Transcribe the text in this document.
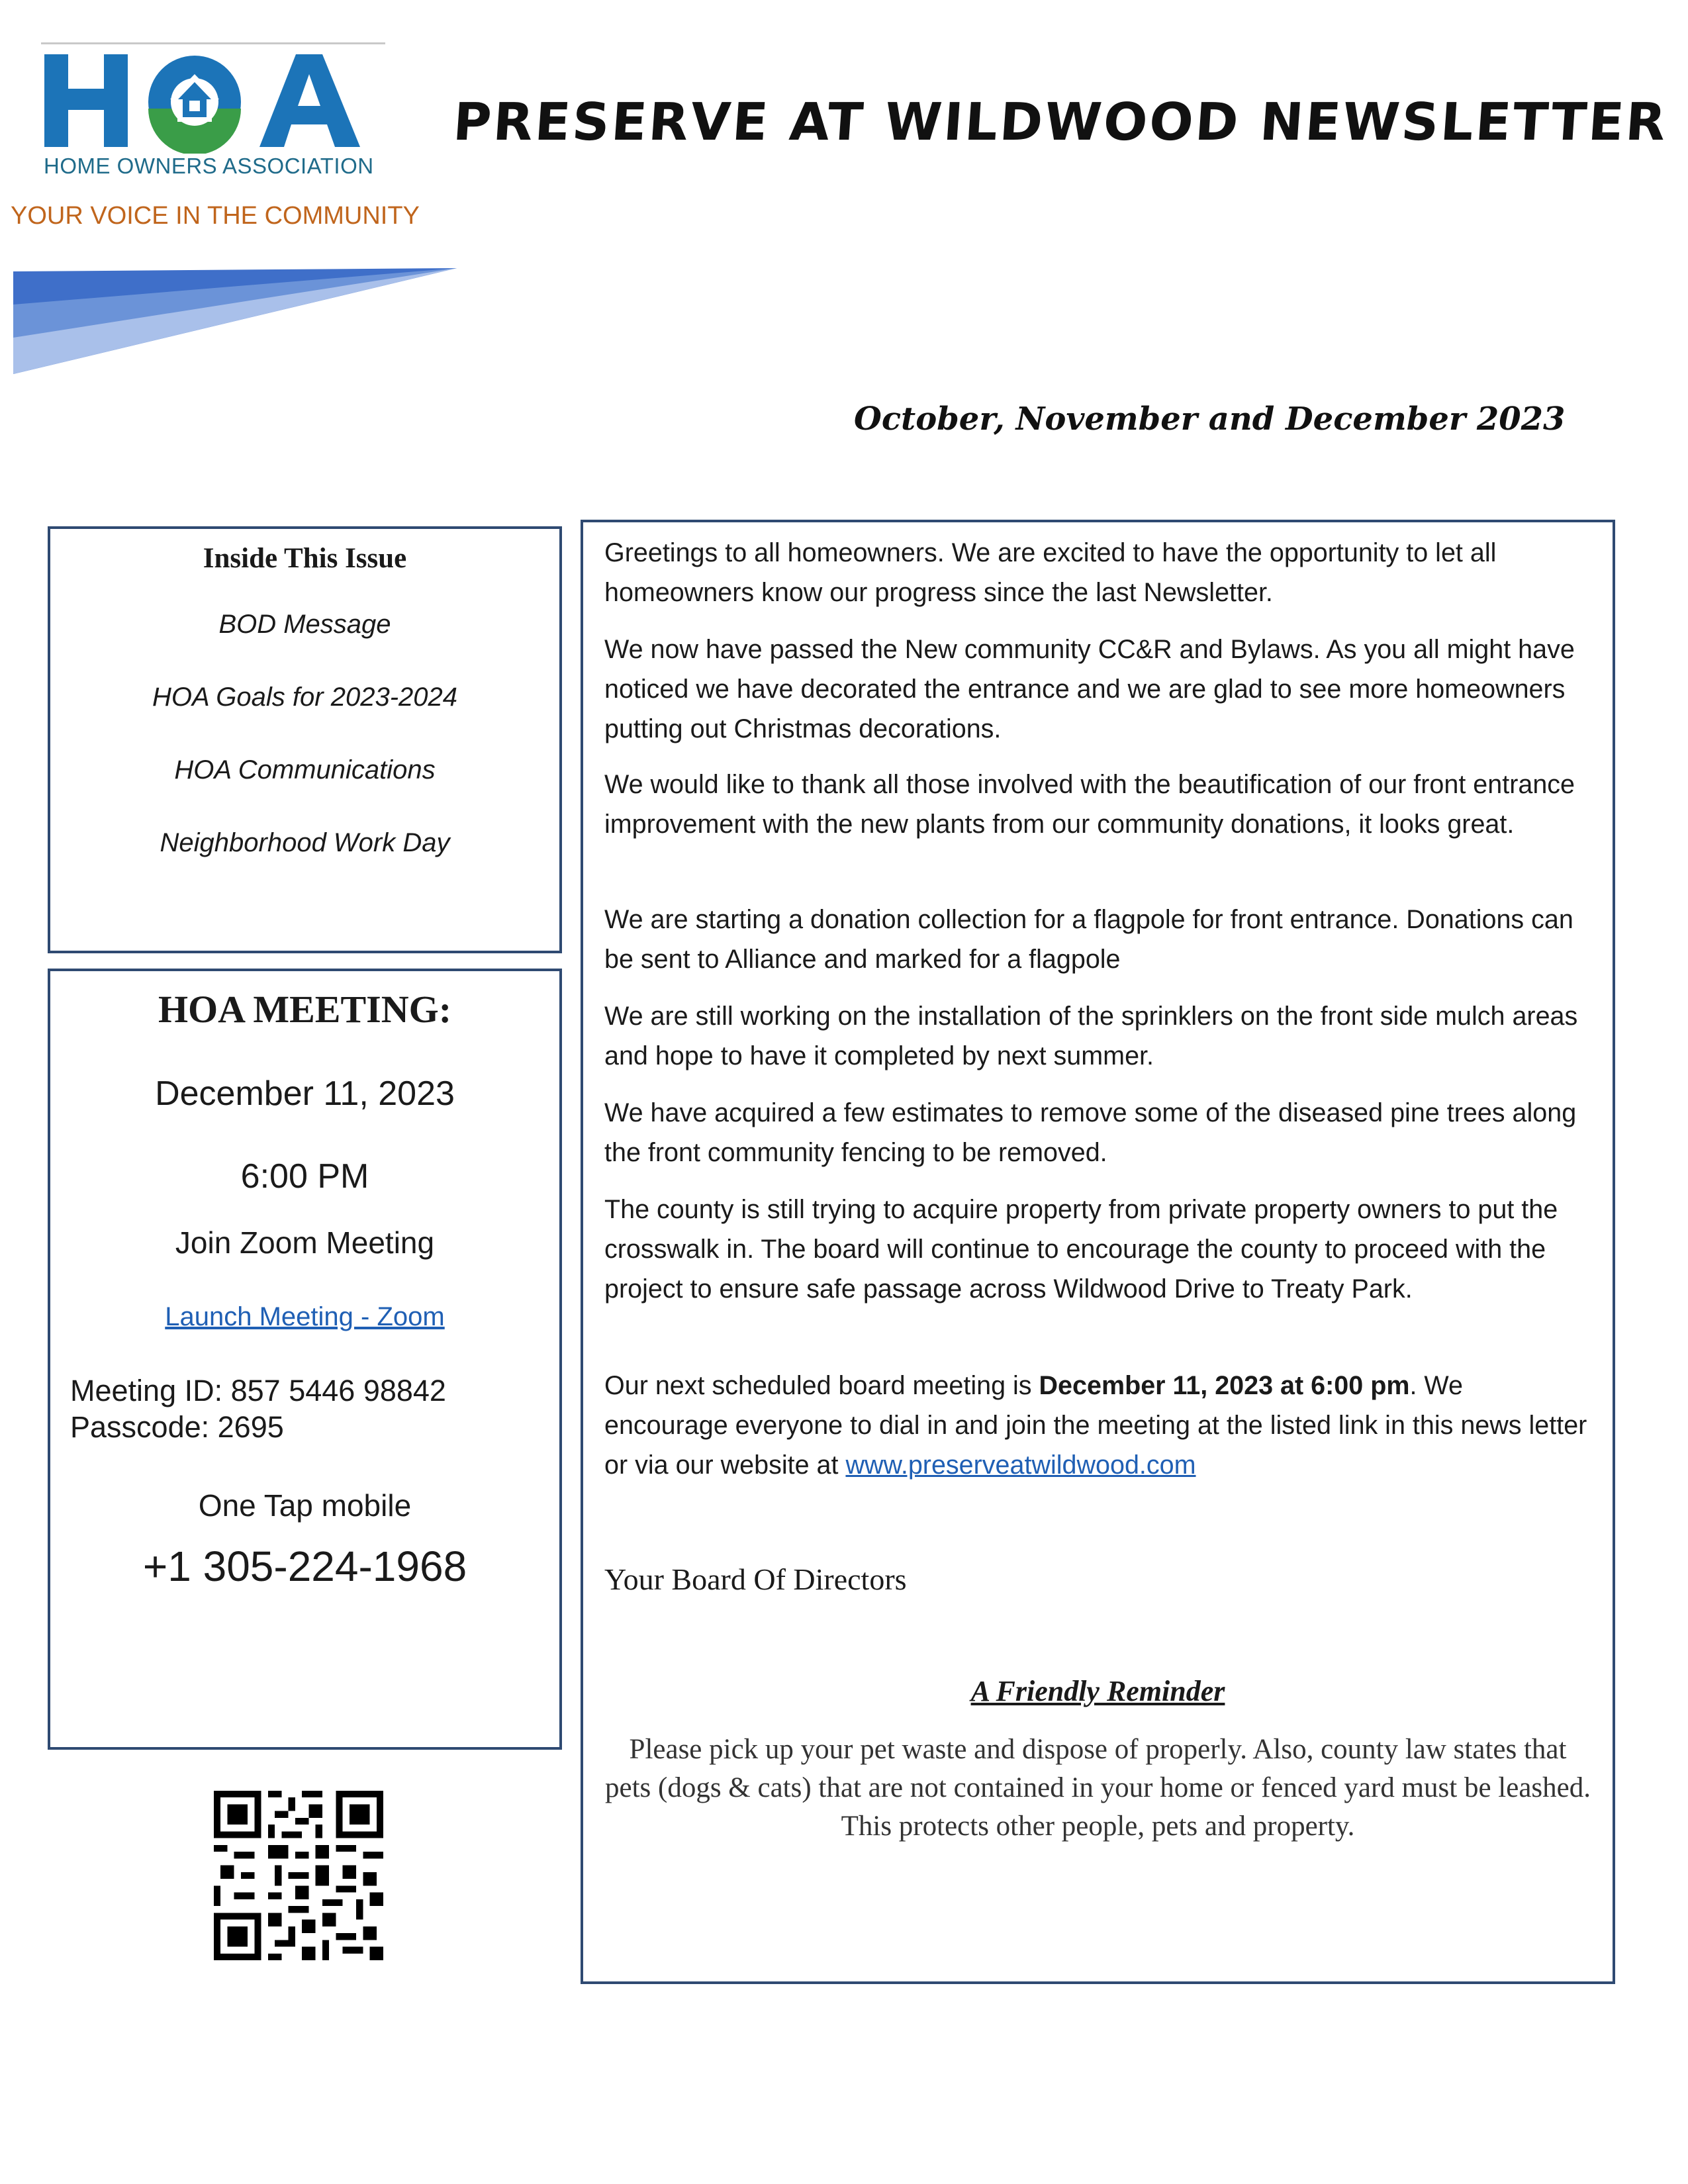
HOME OWNERS ASSOCIATION
YOUR VOICE IN THE COMMUNITY
PRESERVE AT WILDWOOD NEWSLETTER
October, November and December 2023
Inside This Issue
BOD Message
HOA Goals for 2023-2024
HOA Communications
Neighborhood Work Day
HOA MEETING:
December 11, 2023
6:00 PM
Join Zoom Meeting
Launch Meeting - Zoom
Meeting ID: 857 5446 98842
Passcode: 2695
One Tap mobile
+1 305-224-1968
Greetings to all homeowners. We are excited to have the opportunity to let all homeowners know our progress since the last Newsletter.
We now have passed the New community CC&R and Bylaws. As you all might have noticed we have decorated the entrance and we are glad to see more homeowners putting out Christmas decorations.
We would like to thank all those involved with the beautification of our front entrance improvement with the new plants from our community donations, it looks great.
We are starting a donation collection for a flagpole for front entrance. Donations can be sent to Alliance and marked for a flagpole
We are still working on the installation of the sprinklers on the front side mulch areas and hope to have it completed by next summer.
We have acquired a few estimates to remove some of the diseased pine trees along the front community fencing to be removed.
The county is still trying to acquire property from private property owners to put the crosswalk in. The board will continue to encourage the county to proceed with the project to ensure safe passage across Wildwood Drive to Treaty Park.
Our next scheduled board meeting is December 11, 2023 at 6:00 pm. We encourage everyone to dial in and join the meeting at the listed link in this news letter or via our website at www.preserveatwildwood.com
Your Board Of Directors
A Friendly Reminder
Please pick up your pet waste and dispose of properly. Also, county law states that pets (dogs & cats) that are not contained in your home or fenced yard must be leashed. This protects other people, pets and property.
